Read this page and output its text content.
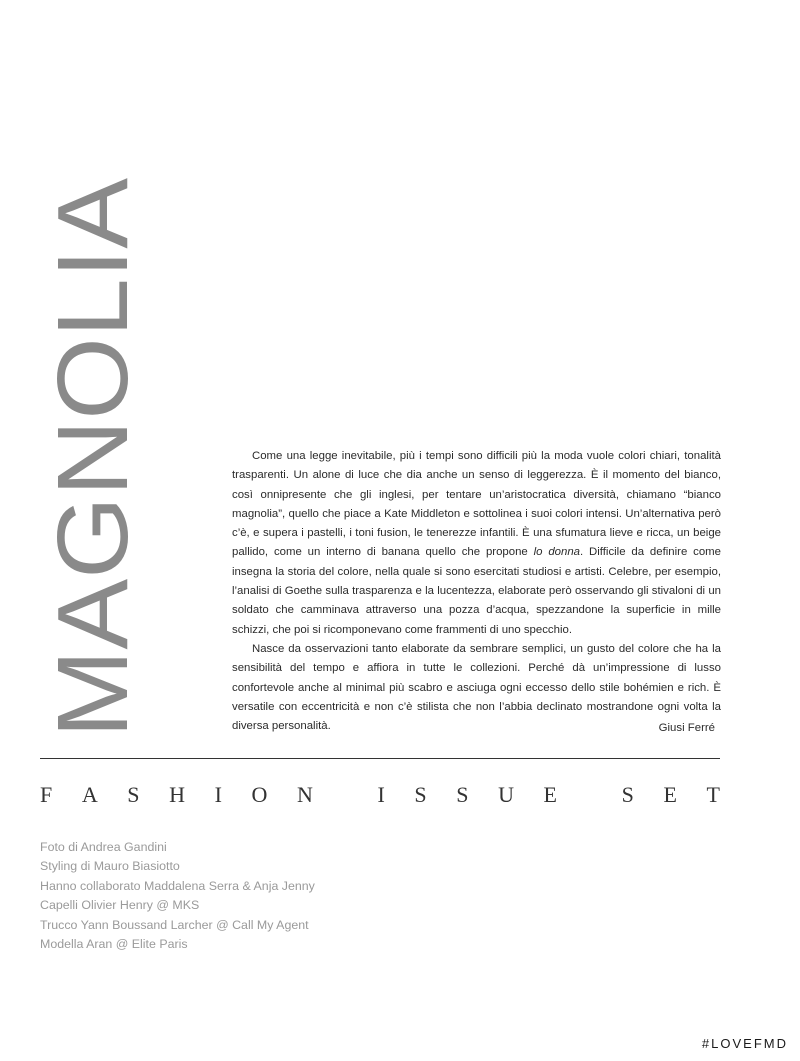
MAGNOLIA	Come una legge inevitabile, più i tempi sono difficili più la moda vuole colori chiari, tonalità trasparenti. Un alone di luce che dia anche un senso di leggerezza. È il momento del bianco, così onnipresente che gli inglesi, per tentare un’aristocratica diversità, chiamano “bianco magnolia”, quello che piace a Kate Middleton e sottolinea i suoi colori intensi. Un’alternativa però c’è, e supera i pastelli, i toni fusion, le tenerezze infantili. È una sfumatura lieve e ricca, un beige pallido, come un interno di banana quello che propone lo donna. Difficile da definire come insegna la storia del colore, nella quale si sono esercitati studiosi e artisti. Celebre, per esempio, l’analisi di Goethe sulla trasparenza e la lucentezza, elaborate però osservando gli stivaloni di un soldato che camminava attraverso una pozza d’acqua, spezzandone la superficie in mille schizzi, che poi si ricomponevano come frammenti di uno specchio.

Nasce da osservazioni tanto elaborate da sembrare semplici, un gusto del colore che ha la sensibilità del tempo e affiora in tutte le collezioni. Perché dà un’impressione di lusso confortevole anche al minimal più scabro e asciuga ogni eccesso dello stile bohémien e rich. È versatile con eccentricità e non c’è stilista che non l’abbia declinato mostrandone ogni volta la diversa personalità.	Giusi Ferré
F A S H I O N
	I S S U E
	S E T
Foto di Andrea Gandini
Styling di Mauro Biasiotto
Hanno collaborato Maddalena Serra & Anja Jenny
Capelli Olivier Henry @ MKS
Trucco Yann Boussand Larcher @ Call My Agent
Modella Aran @ Elite Paris
#LOVEFMD
